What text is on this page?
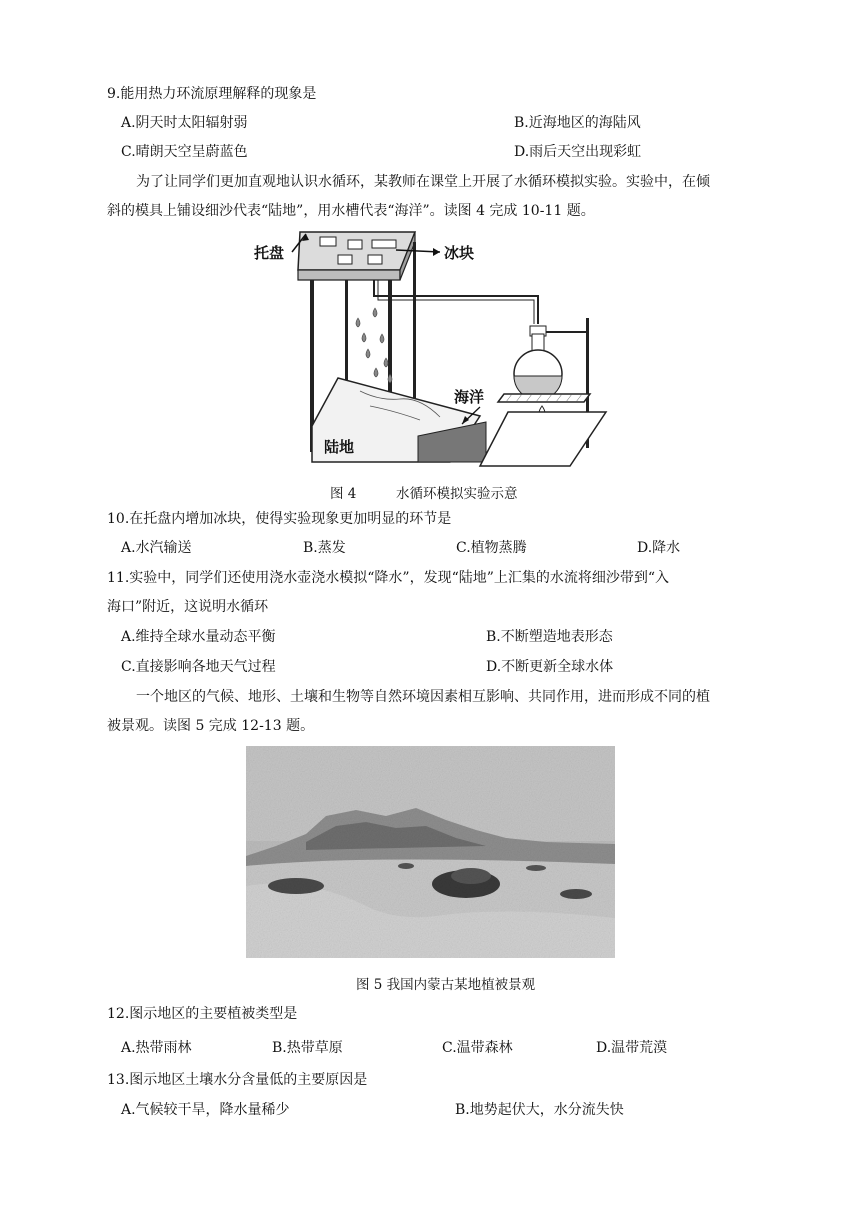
9.能用热力环流原理解释的现象是
A.阴天时太阳辐射弱	B.近海地区的海陆风
C.晴朗天空呈蔚蓝色	D.雨后天空出现彩虹
为了让同学们更加直观地认识水循环，某教师在课堂上开展了水循环模拟实验。实验中，在倾
斜的模具上铺设细沙代表“陆地”，用水槽代表“海洋”。读图 4 完成 10-11 题。
托盘	冰块
陆地
海洋
图 4	水循环模拟实验示意
10.在托盘内增加冰块，使得实验现象更加明显的环节是
A.水汽输送	B.蒸发	C.植物蒸腾	D.降水
11.实验中，同学们还使用浇水壶浇水模拟“降水”，发现“陆地”上汇集的水流将细沙带到“入
海口”附近，这说明水循环
A.维持全球水量动态平衡	B.不断塑造地表形态
C.直接影响各地天气过程	D.不断更新全球水体
一个地区的气候、地形、土壤和生物等自然环境因素相互影响、共同作用，进而形成不同的植
被景观。读图 5 完成 12-13 题。
图 5 我国内蒙古某地植被景观
12.图示地区的主要植被类型是
A.热带雨林	B.热带草原	C.温带森林	D.温带荒漠
13.图示地区土壤水分含量低的主要原因是
A.气候较干旱，降水量稀少	B.地势起伏大，水分流失快
